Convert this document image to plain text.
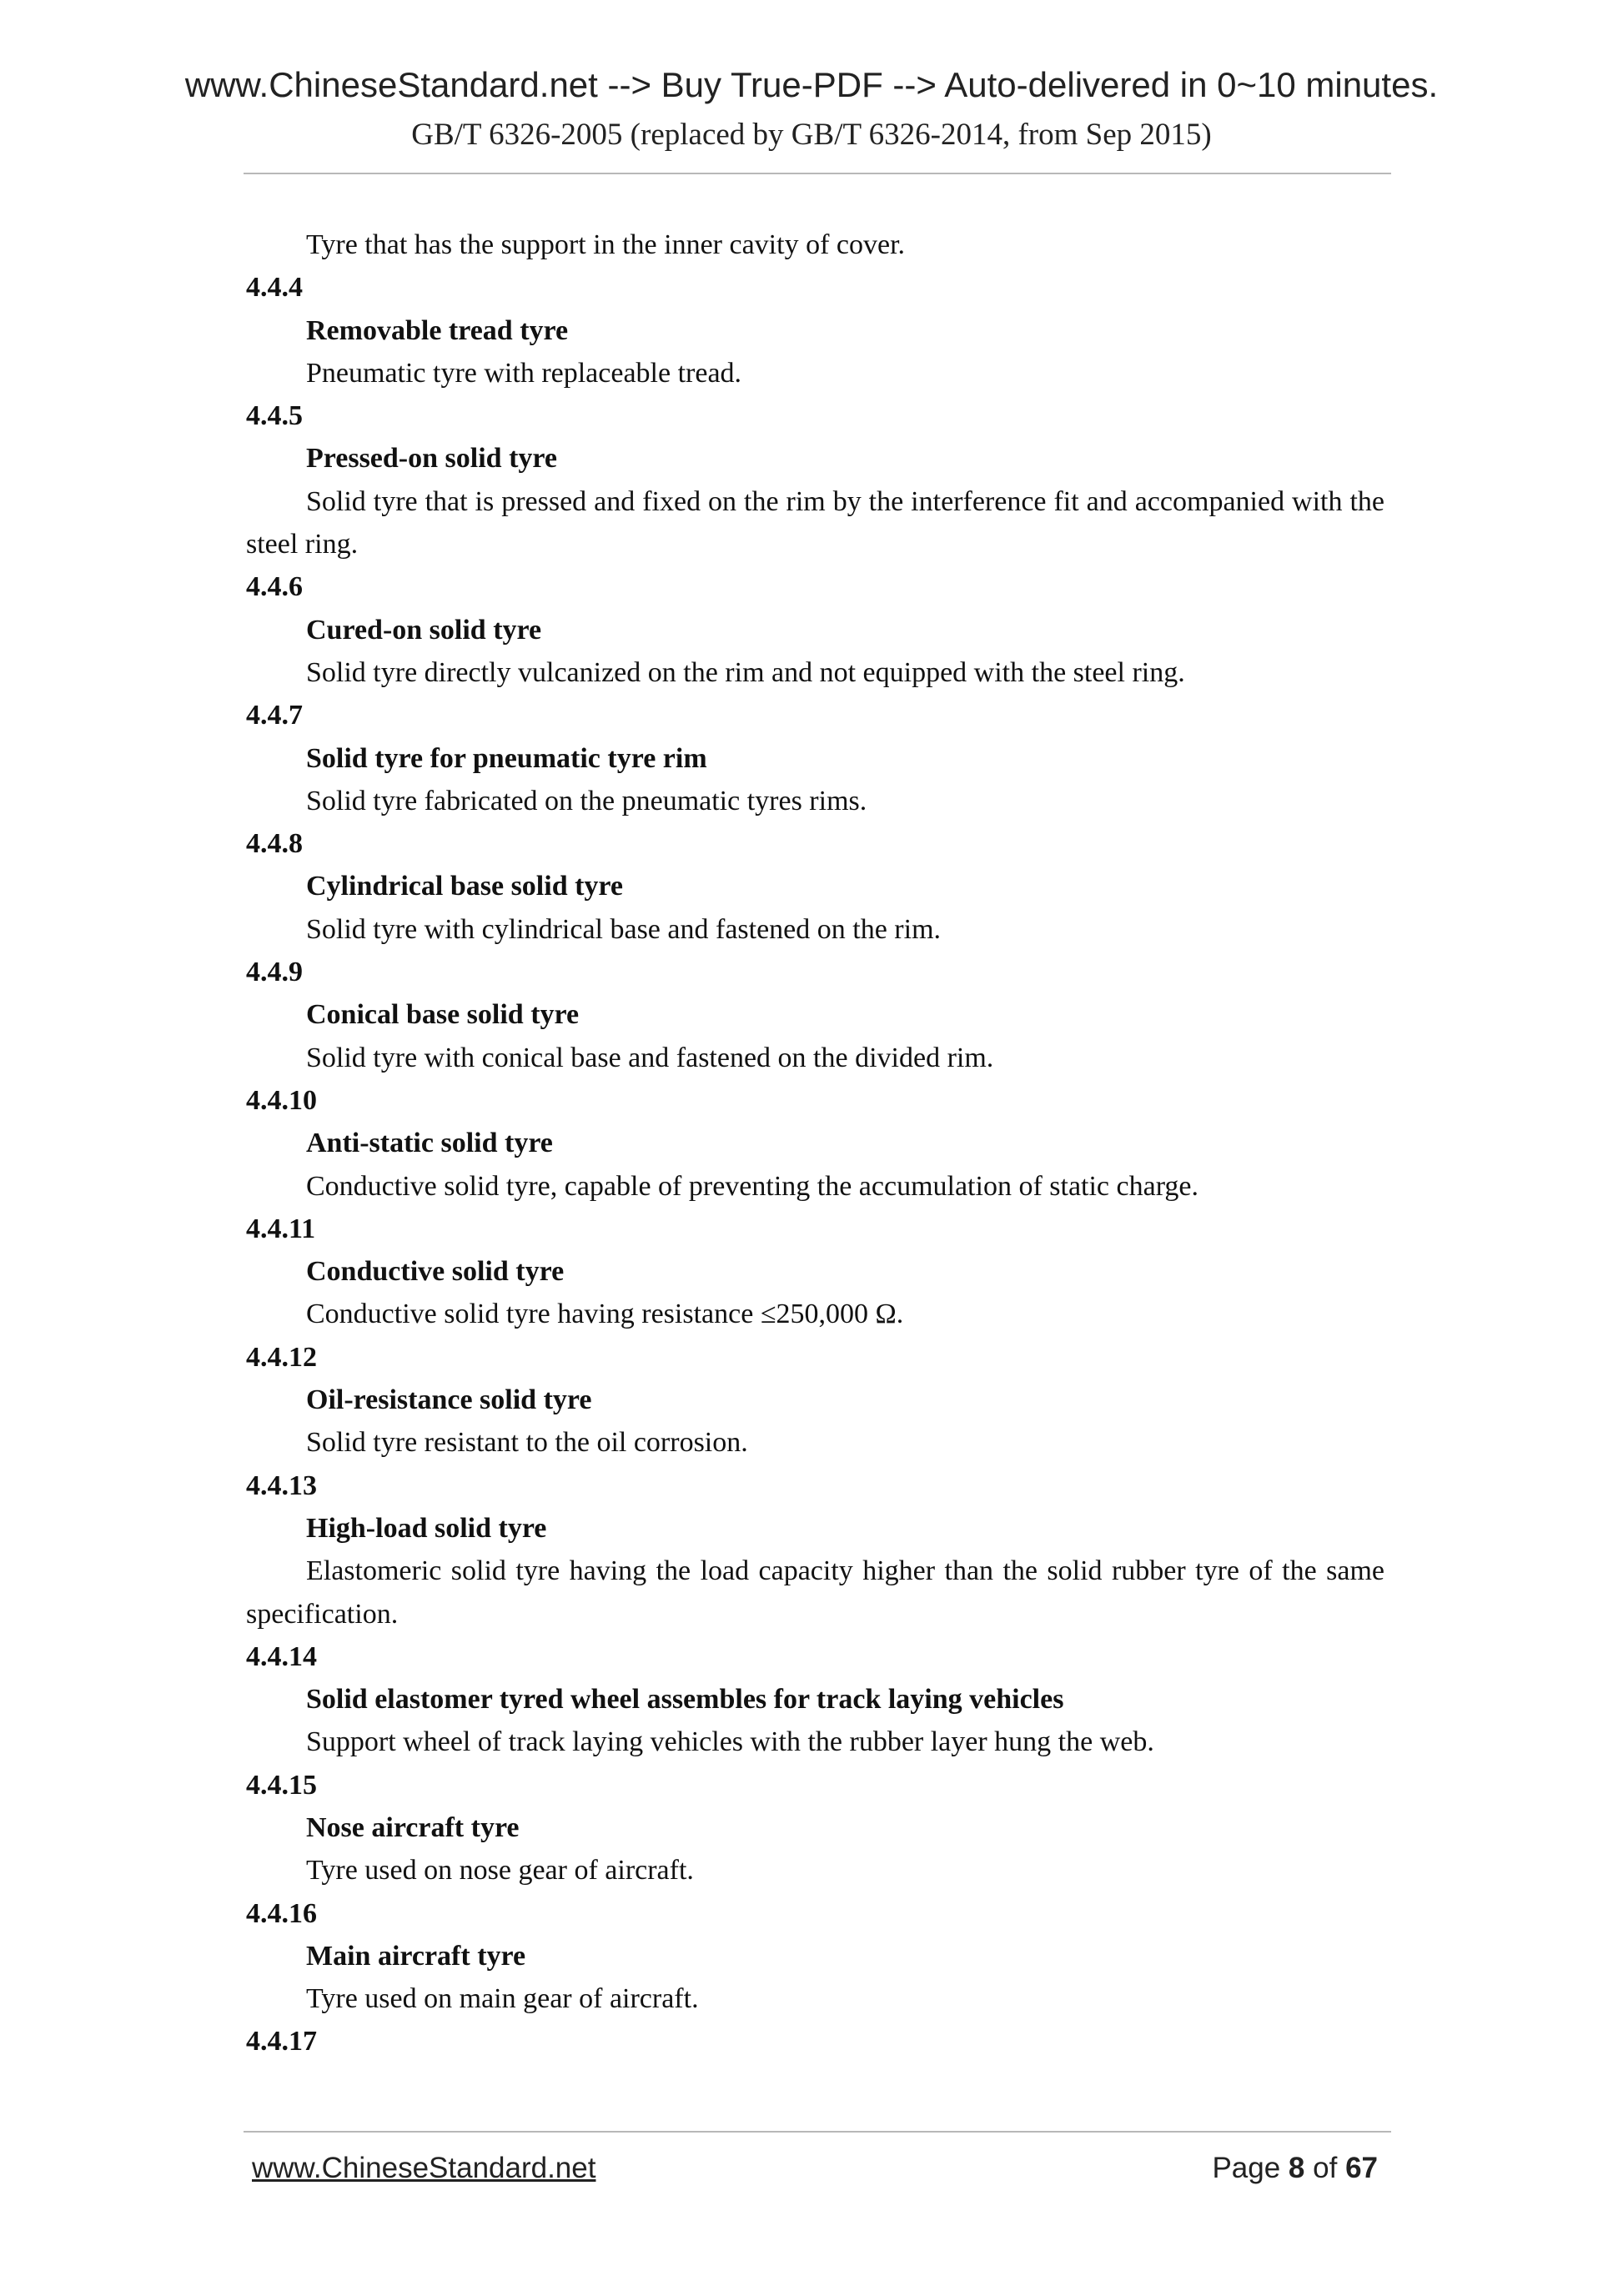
www.ChineseStandard.net --> Buy True-PDF --> Auto-delivered in 0~10 minutes.
GB/T 6326-2005 (replaced by GB/T 6326-2014, from Sep 2015)
Tyre that has the support in the inner cavity of cover.
4.4.4
Removable tread tyre
Pneumatic tyre with replaceable tread.
4.4.5
Pressed-on solid tyre
Solid tyre that is pressed and fixed on the rim by the interference fit and accompanied with the steel ring.
4.4.6
Cured-on solid tyre
Solid tyre directly vulcanized on the rim and not equipped with the steel ring.
4.4.7
Solid tyre for pneumatic tyre rim
Solid tyre fabricated on the pneumatic tyres rims.
4.4.8
Cylindrical base solid tyre
Solid tyre with cylindrical base and fastened on the rim.
4.4.9
Conical base solid tyre
Solid tyre with conical base and fastened on the divided rim.
4.4.10
Anti-static solid tyre
Conductive solid tyre, capable of preventing the accumulation of static charge.
4.4.11
Conductive solid tyre
Conductive solid tyre having resistance ≤250,000 Ω.
4.4.12
Oil-resistance solid tyre
Solid tyre resistant to the oil corrosion.
4.4.13
High-load solid tyre
Elastomeric solid tyre having the load capacity higher than the solid rubber tyre of the same specification.
4.4.14
Solid elastomer tyred wheel assembles for track laying vehicles
Support wheel of track laying vehicles with the rubber layer hung the web.
4.4.15
Nose aircraft tyre
Tyre used on nose gear of aircraft.
4.4.16
Main aircraft tyre
Tyre used on main gear of aircraft.
4.4.17
www.ChineseStandard.net	Page 8 of 67
